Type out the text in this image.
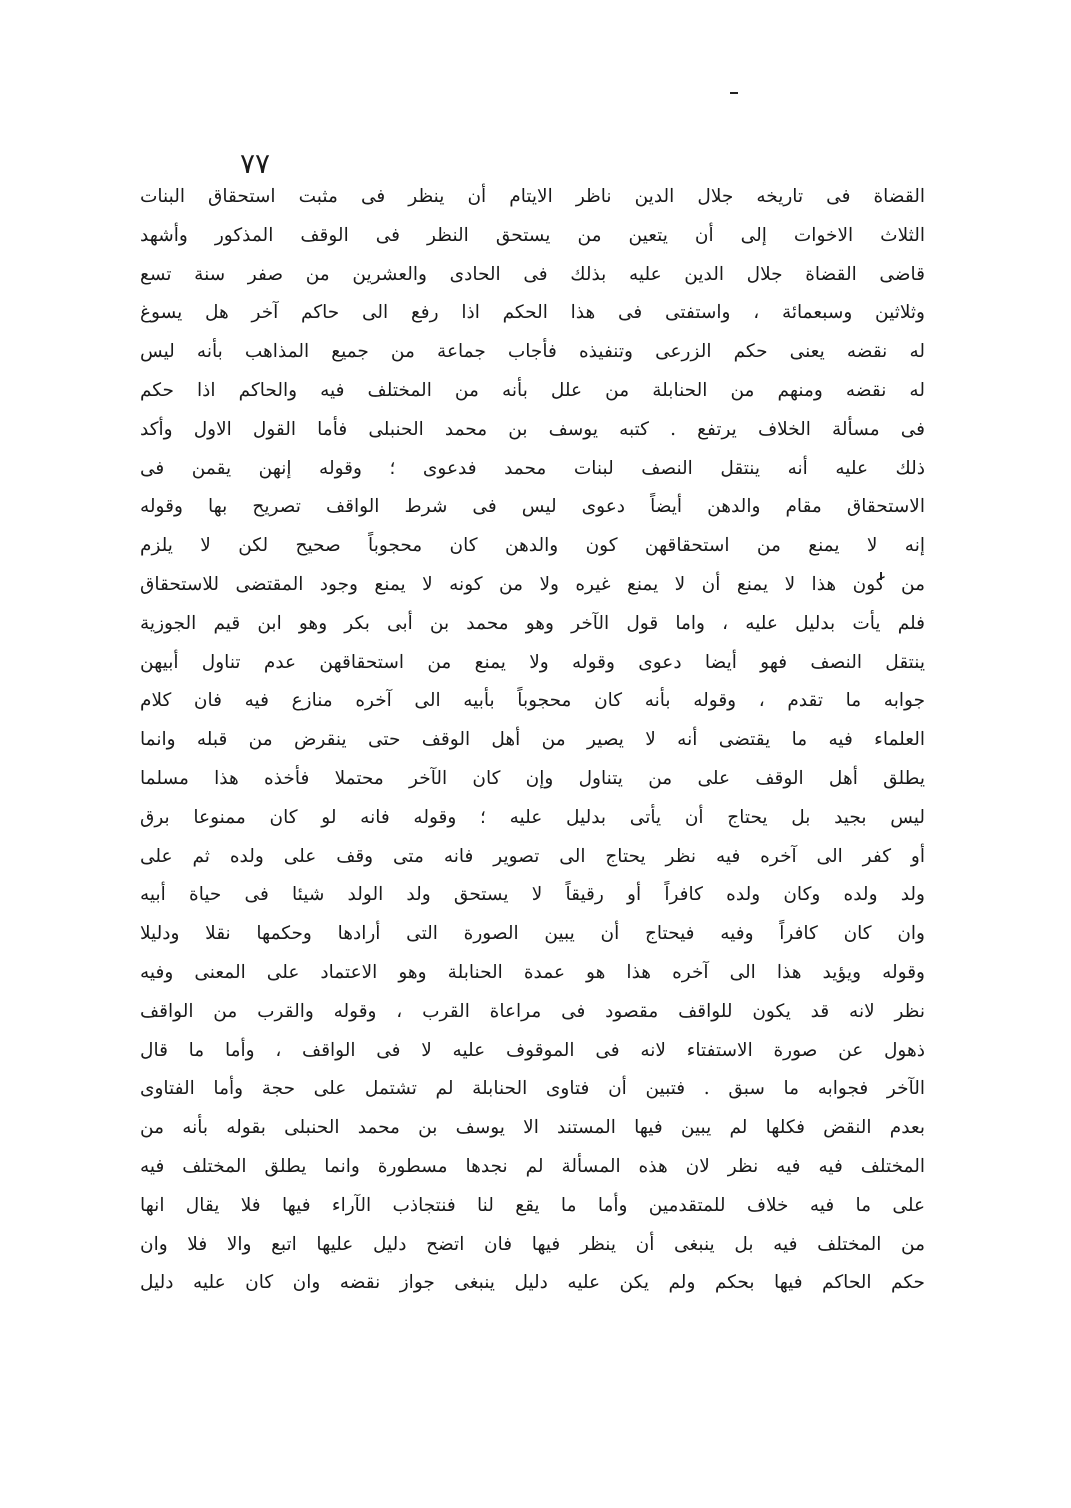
٧٧
القضاة فى تاريخه جلال الدين ناظر الايتام أن ينظر فى مثبت استحقاق البنات
الثلاث الاخوات إلى أن يتعين من يستحق النظر فى الوقف المذكور وأشهد
قاضى القضاة جلال الدين عليه بذلك فى الحادى والعشرين من صفر سنة تسع
وثلاثين وسبعمائة ، واستفتى فى هذا الحكم اذا رفع الى حاكم آخر هل يسوغ
له نقضه يعنى حكم الزرعى وتنفيذه فأجاب جماعة من جميع المذاهب بأنه ليس
له نقضه ومنهم من الحنابلة من علل بأنه من المختلف فيه والحاكم اذا حكم
فى مسألة الخلاف يرتفع . كتبه يوسف بن محمد الحنبلى فأما القول الاول وأكد
ذلك عليه أنه ينتقل النصف لبنات محمد فدعوى ؛ وقوله إنهن يقمن فى
الاستحقاق مقام والدهن أيضاً دعوى ليس فى شرط الواقف تصريح بها وقوله
إنه لا يمنع من استحقاقهن كون والدهن كان محجوباً صحيح لكن لا يلزم
من كون هذا لا يمنع أن لا يمنع غيره ولا من كونه لا يمنع وجود المقتضى للاستحقاق
فلم يأت بدليل عليه ، واما قول الآخر وهو محمد بن أبى بكر وهو ابن قيم الجوزية
ينتقل النصف فهو أيضا دعوى وقوله ولا يمنع من استحقاقهن عدم تناول أبيهن
جوابه ما تقدم ، وقوله بأنه كان محجوباً بأبيه الى آخره منازع فيه فان كلام
العلماء فيه ما يقتضى أنه لا يصير من أهل الوقف حتى ينقرض من قبله وانما
يطلق أهل الوقف على من يتناول وإن كان الآخر محتملا فأخذه هذا مسلما
ليس بجيد بل يحتاج أن يأتى بدليل عليه ؛ وقوله فانه لو كان ممنوعا برق
أو كفر الى آخره فيه نظر يحتاج الى تصوير فانه متى وقف على ولده ثم على
ولد ولده وكان ولده كافراً أو رقيقاً لا يستحق ولد الولد شيئا فى حياة أبيه
وان كان كافراً وفيه فيحتاج أن يبين الصورة التى أرادها وحكمها نقلا ودليلا
وقوله ويؤيد هذا الى آخره هذا هو عمدة الحنابلة وهو الاعتماد على المعنى وفيه
نظر لانه قد يكون للواقف مقصود فى مراعاة القرب ، وقوله والقرب من الواقف
ذهول عن صورة الاستفتاء لانه فى الموقوف عليه لا فى الواقف ، وأما ما قال
الآخر فجوابه ما سبق . فتبين أن فتاوى الحنابلة لم تشتمل على حجة وأما الفتاوى
بعدم النقض فكلها لم يبين فيها المستند الا يوسف بن محمد الحنبلى بقوله بأنه من
المختلف فيه فيه نظر لان هذه المسألة لم نجدها مسطورة وانما يطلق المختلف فيه
على ما فيه خلاف للمتقدمين وأما ما يقع لنا فنتجاذب الآراء فيها فلا يقال انها
من المختلف فيه بل ينبغى أن ينظر فيها فان اتضح دليل عليها اتبع والا فلا وان
حكم الحاكم فيها بحكم ولم يكن عليه دليل ينبغى جواز نقضه وان كان عليه دليل
